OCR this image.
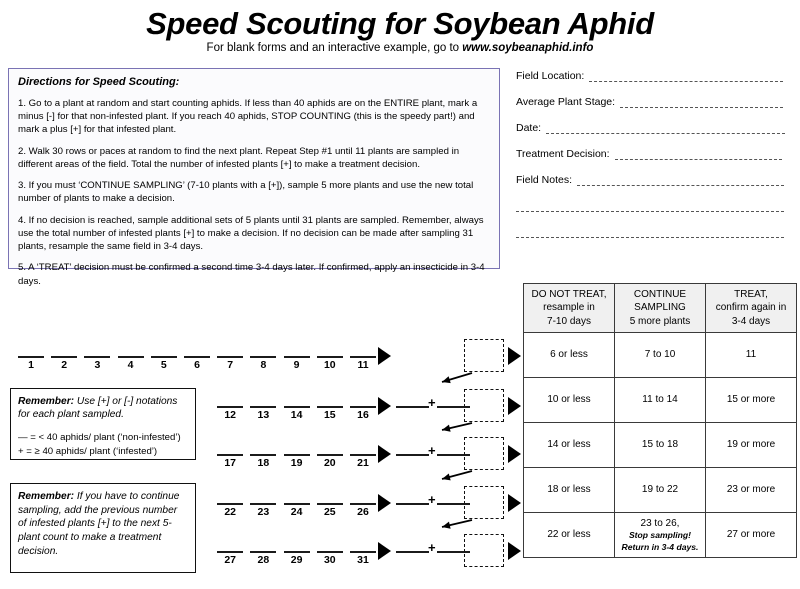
Speed Scouting for Soybean Aphid
For blank forms and an interactive example, go to www.soybeanaphid.info
Directions for Speed Scouting:
1. Go to a plant at random and start counting aphids. If less than 40 aphids are on the ENTIRE plant, mark a minus [-] for that non-infested plant. If you reach 40 aphids, STOP COUNTING (this is the speedy part!) and mark a plus [+] for that infested plant.
2. Walk 30 rows or paces at random to find the next plant. Repeat Step #1 until 11 plants are sampled in different areas of the field. Total the number of infested plants [+] to make a treatment decision.
3. If you must ‘CONTINUE SAMPLING’ (7-10 plants with a [+]), sample 5 more plants and use the new total number of plants to make a decision.
4. If no decision is reached, sample additional sets of 5 plants until 31 plants are sampled. Remember, always use the total number of infested plants [+] to make a decision. If no decision can be made after sampling 31 plants, resample the same field in 3-4 days.
5. A ‘TREAT’ decision must be confirmed a second time 3-4 days later. If confirmed, apply an insecticide in 3-4 days.
Field Location:
Average Plant Stage:
Date:
Treatment Decision:
Field Notes:
DO NOT TREAT,
resample in
7-10 days

CONTINUE
SAMPLING
5 more plants

TREAT,
confirm again in
3-4 days

6 or less	7 to 10	11
10 or less	11 to 14	15 or more
14 or less	15 to 18	19 or more
18 or less	19 to 22	23 or more
22 or less	23 to 26,
Stop sampling!
Return in 3-4 days.	27 or more
1	2	3	4	5	6	7	8	9	10	11
12	13	14	15	16
+
17	18	19	20	21
+
22	23	24	25	26
+
27	28	29	30	31
+
Remember: Use [+] or [-] notations for each plant sampled.
— = < 40 aphids/ plant (‘non-infested’)
+ = ≥ 40 aphids/ plant (‘infested’)
Remember: If you have to continue sampling, add the previous number of infested plants [+] to the next 5-plant count to make a treatment decision.
